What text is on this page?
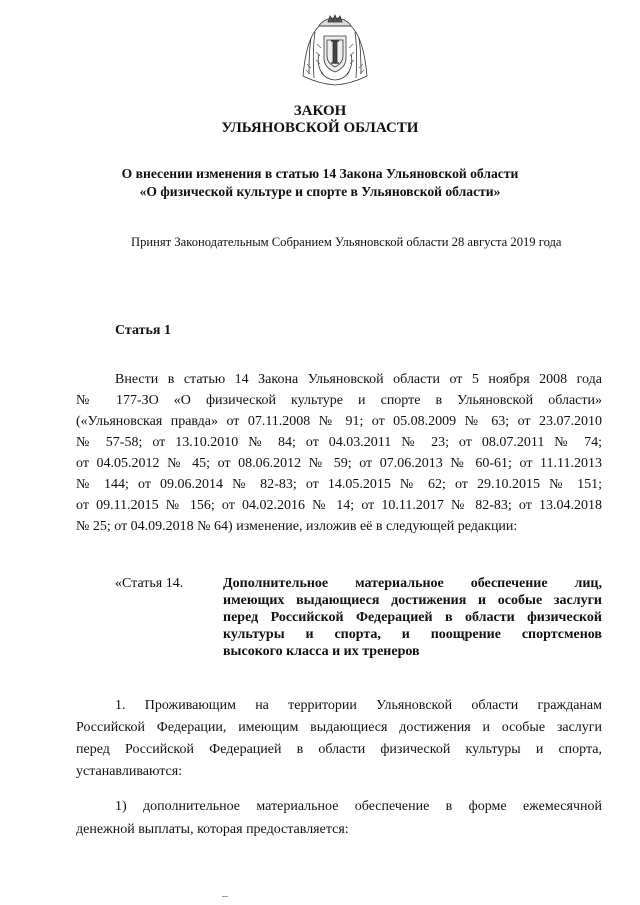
ЗАКОН
УЛЬЯНОВСКОЙ ОБЛАСТИ
О внесении изменения в статью 14 Закона Ульяновской области
«О физической культуре и спорте в Ульяновской области»
Принят Законодательным Собранием Ульяновской области 28 августа 2019 года
Статья 1
Внести в статью 14 Закона Ульяновской области от 5 ноября 2008 года
№ 177-ЗО «О физической культуре и спорте в Ульяновской области»
(«Ульяновская правда» от 07.11.2008 № 91; от 05.08.2009 № 63; от 23.07.2010
№ 57-58; от 13.10.2010 № 84; от 04.03.2011 № 23; от 08.07.2011 № 74;
от 04.05.2012 № 45; от 08.06.2012 № 59; от 07.06.2013 № 60-61; от 11.11.2013
№ 144; от 09.06.2014 № 82-83; от 14.05.2015 № 62; от 29.10.2015 № 151;
от 09.11.2015 № 156; от 04.02.2016 № 14; от 10.11.2017 № 82-83; от 13.04.2018
№ 25; от 04.09.2018 № 64) изменение, изложив её в следующей редакции:
«Статья 14.	Дополнительное материальное обеспечение лиц,
имеющих выдающиеся достижения и особые заслуги
перед Российской Федерацией в области физической
культуры и спорта, и поощрение спортсменов
высокого класса и их тренеров
1. Проживающим на территории Ульяновской области гражданам
Российской Федерации, имеющим выдающиеся достижения и особые заслуги
перед Российской Федерацией в области физической культуры и спорта,
устанавливаются:
1) дополнительное материальное обеспечение в форме ежемесячной
денежной выплаты, которая предоставляется:
